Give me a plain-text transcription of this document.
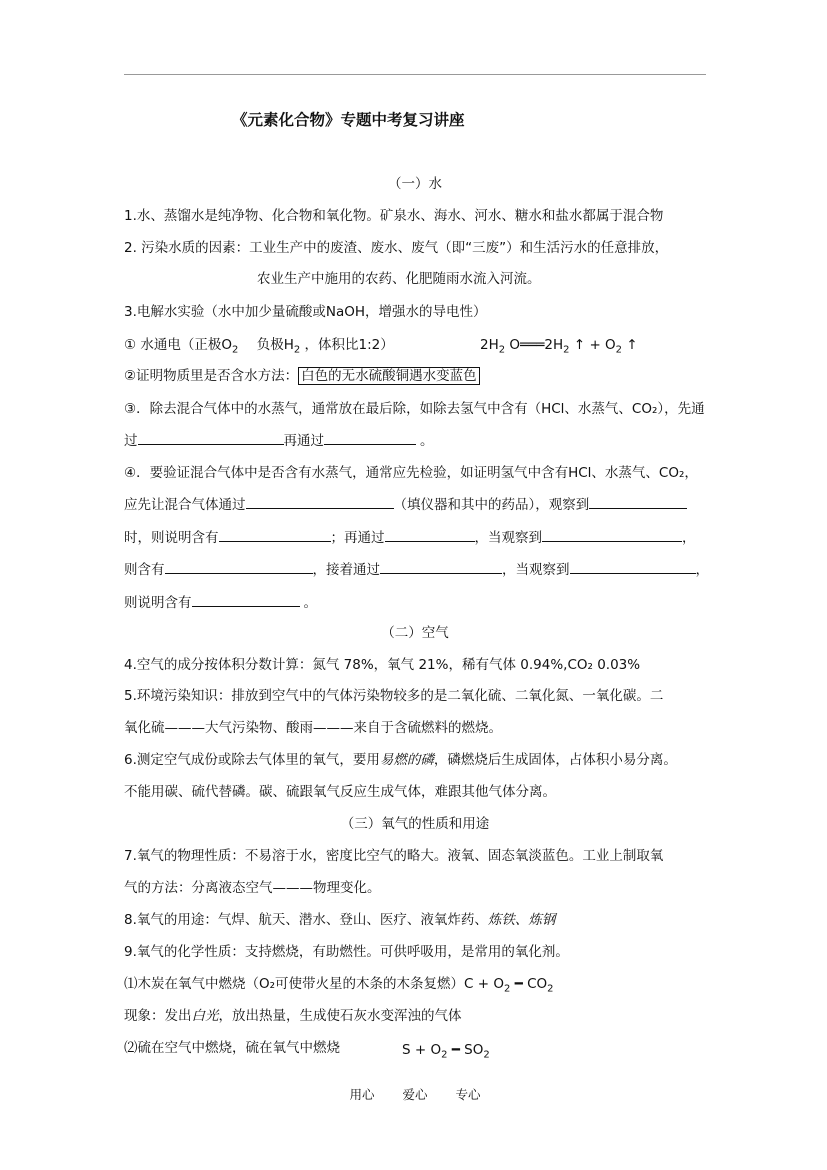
《元素化合物》专题中考复习讲座
（一）水
1.水、蒸馏水是纯净物、化合物和氧化物。矿泉水、海水、河水、糖水和盐水都属于混合物
2. 污染水质的因素：工业生产中的废渣、废水、废气（即“三废”）和生活污水的任意排放，
农业生产中施用的农药、化肥随雨水流入河流。
3.电解水实验（水中加少量硫酸或NaOH，增强水的导电性）
① 水通电（正极$O_2$ 负极$H_2$ ，体积比1:2）	$2H_2$ $O═══2H_2$ ↑ + $O_2$ ↑
②证明物质里是否含水方法： 白色的无水硫酸铜遇水变蓝色
③．除去混合气体中的水蒸气，通常放在最后除，如除去氢气中含有（HCl、水蒸气、CO₂），先通
过	再通过	。
④．要验证混合气体中是否含有水蒸气，通常应先检验，如证明氢气中含有HCl、水蒸气、CO₂，
应先让混合气体通过	（填仪器和其中的药品），观察到
时，则说明含有	；再通过	，当观察到	，
则含有	，接着通过	，当观察到	，
则说明含有	。
（二）空气
4.空气的成分按体积分数计算：氮气 78%，氧气 21%，稀有气体 0.94%,CO₂ 0.03%
5.环境污染知识：排放到空气中的气体污染物较多的是二氧化硫、二氧化氮、一氧化碳。二
氧化硫———大气污染物、酸雨———来自于含硫燃料的燃烧。
6.测定空气成份或除去气体里的氧气，要用易燃的磷，磷燃烧后生成固体，占体积小易分离。
不能用碳、硫代替磷。碳、硫跟氧气反应生成气体，难跟其他气体分离。
（三）氧气的性质和用途
7.氧气的物理性质：不易溶于水，密度比空气的略大。液氧、固态氧淡蓝色。工业上制取氧
气的方法：分离液态空气———物理变化。
8.氧气的用途：气焊、航天、潜水、登山、医疗、液氧炸药、炼铁、炼钢
9.氧气的化学性质：支持燃烧，有助燃性。可供呼吸用，是常用的氧化剂。
⑴木炭在氧气中燃烧（O₂可使带火星的木条的木条复燃）$C + O_2$ ━ $CO_2$
现象：发出白光，放出热量，生成使石灰水变浑浊的气体
⑵硫在空气中燃烧，硫在氧气中燃烧	$S + O_2$ ━ $SO_2$
用心 爱心 专心
